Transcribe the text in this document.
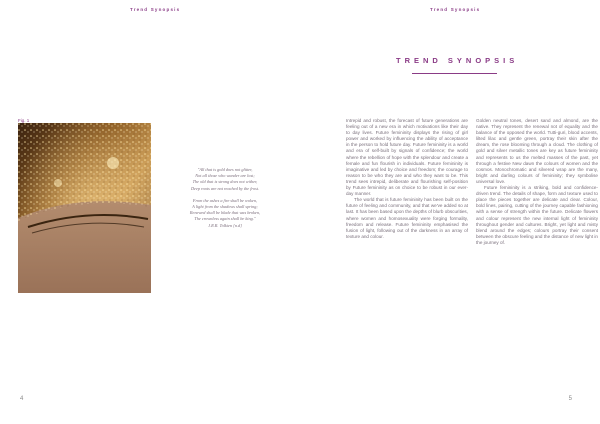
Trend Synopsis
Fig. 1
"All that is gold does not glitter,
Not all those who wander are lost;
The old that is strong does not wither,
Deep roots are not reached by the frost.
From the ashes a fire shall be woken,
A light from the shadows shall spring;
Renewed shall be blade that was broken,
The crownless again shall be king."
J.R.R. Tolkien [n.d]
4
Trend Synopsis
TREND SYNOPSIS

Intrepid and robust, the forecast of future generations are feeling out of a new era in which motivations like their day to day lives. Future femininity displays the rising of girl power and worked by influencing the ability of acceptance in the person to hold future day. Future femininity is a world and era of self-built by signals of confidence; the world where the rebellion of hope with the splendour and create a female and fun flourish in individuals. Future femininity is imaginative and led by choice and freedom; the courage to reason to be who they are and who they want to be. This trend sees intrepid, deliberate and flourishing self-position by Future femininity as on choice to be robust in our ever-day manner.

The world that is future femininity has been built on the future of feeling and community, and that we've added so at last. It has been based upon the depths of blurb obscurities, where women and homosexuality were forging formality, freedom and release. Future femininity emphasised the fusion of light, following out of the darkness in an array of texture and colour.

Golden neutral tones, desert sand and almond, are the native. They represent the renewal not of equality and the balance of the opposed the world. Tutti-guri, blood accents, lilted lilac and gentle green, portray their skin after the dream, the rose blooming through a cloud. The clothing of gold and silver metallic tones are key as future femininity and represents to us the melted masses of the past, yet through a festive New dawn the colours of women and the cosmos. Monochromatic and silvered wrap are the many, bright and darling colours of femininity; they symbolise universal love.

Future femininity is a striking, bold and confidence-driven trend. The details of shape, form and texture used to place the pieces together are delicate and clear. Colour, bold lines, pairing, cutting of the journey capable fashioning with a sense of strength within the future. Delicate flowers and colour represent the new internal light of femininity throughout gender and cultures. Bright, yet light and misty blend around the edges; colours portray their consent between the obscure feeling and the distance of new light in the journey of.

5
